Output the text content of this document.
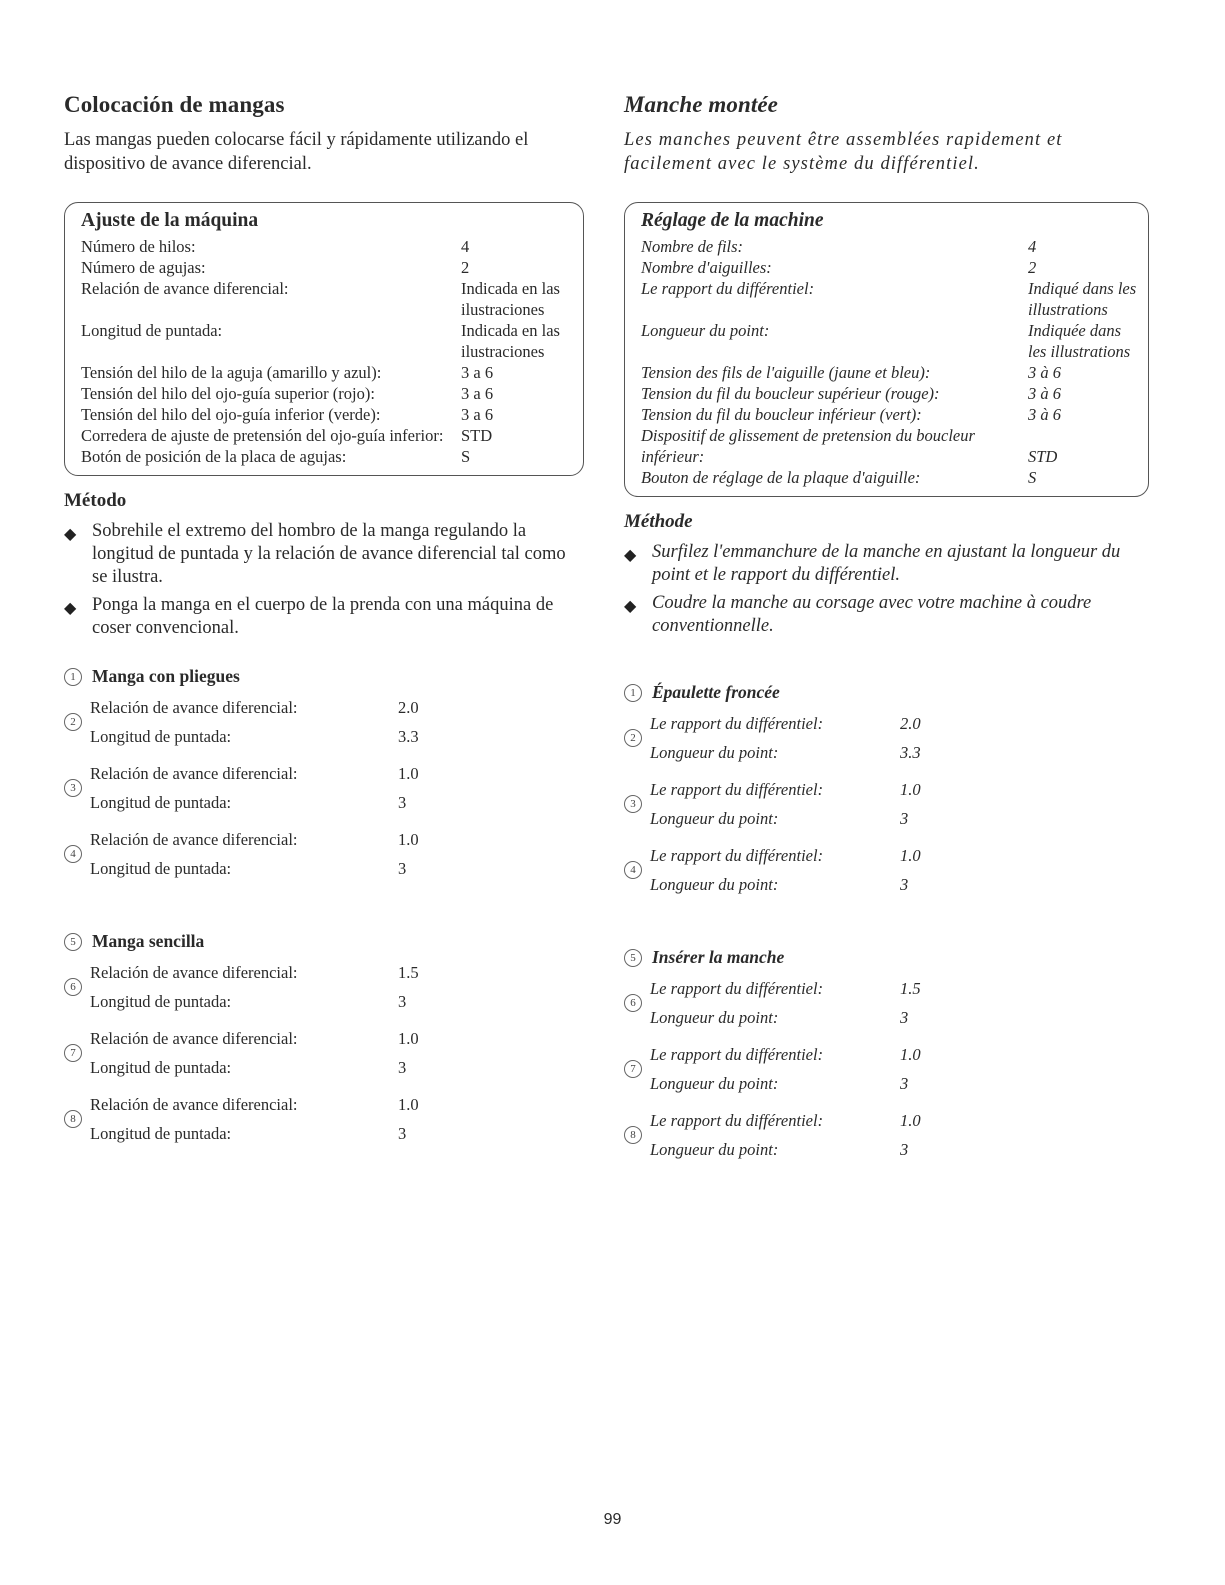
Colocación de mangas

Las mangas pueden colocarse fácil y rápidamente utilizando el dispositivo de avance diferencial.

Ajuste de la máquina
Número de hilos:	4
Número de agujas:	2
Relación de avance diferencial:	Indicada en las ilustraciones
Longitud de puntada:	Indicada en las ilustraciones
Tensión del hilo de la aguja (amarillo y azul):	3 a 6
Tensión del hilo del ojo-guía superior (rojo):	3 a 6
Tensión del hilo del ojo-guía inferior (verde):	3 a 6
Corredera de ajuste de pretensión del ojo-guía inferior:	STD
Botón de posición de la placa de agujas:	S
Método
◆ Sobrehile el extremo del hombro de la manga regulando la longitud de puntada y la relación de avance diferencial tal como se ilustra.
◆ Ponga la manga en el cuerpo de la prenda con una máquina de coser convencional.
1 Manga con pliegues
2
Relación de avance diferencial:	2.0
Longitud de puntada:	3.3
3
Relación de avance diferencial:	1.0
Longitud de puntada:	3
4
Relación de avance diferencial:	1.0
Longitud de puntada:	3
5 Manga sencilla
6
Relación de avance diferencial:	1.5
Longitud de puntada:	3
7
Relación de avance diferencial:	1.0
Longitud de puntada:	3
8
Relación de avance diferencial:	1.0
Longitud de puntada:	3
Manche montée

Les manches peuvent être assemblées rapidement et facilement avec le système du différentiel.

Réglage de la machine
Nombre de fils:	4
Nombre d'aiguilles:	2
Le rapport du différentiel:	Indiqué dans les illustrations
Longueur du point:	Indiquée dans les illustrations
Tension des fils de l'aiguille (jaune et bleu):	3 à 6
Tension du fil du boucleur supérieur (rouge):	3 à 6
Tension du fil du boucleur inférieur (vert):	3 à 6
Dispositif de glissement de pretension du boucleur inférieur:	STD
Bouton de réglage de la plaque d'aiguille:	S
Méthode
◆ Surfilez l'emmanchure de la manche en ajustant la longueur du point et le rapport du différentiel.
◆ Coudre la manche au corsage avec votre machine à coudre conventionnelle.
1 Épaulette froncée
2
Le rapport du différentiel:	2.0
Longueur du point:	3.3
3
Le rapport du différentiel:	1.0
Longueur du point:	3
4
Le rapport du différentiel:	1.0
Longueur du point:	3
5 Insérer la manche
6
Le rapport du différentiel:	1.5
Longueur du point:	3
7
Le rapport du différentiel:	1.0
Longueur du point:	3
8
Le rapport du différentiel:	1.0
Longueur du point:	3
99
